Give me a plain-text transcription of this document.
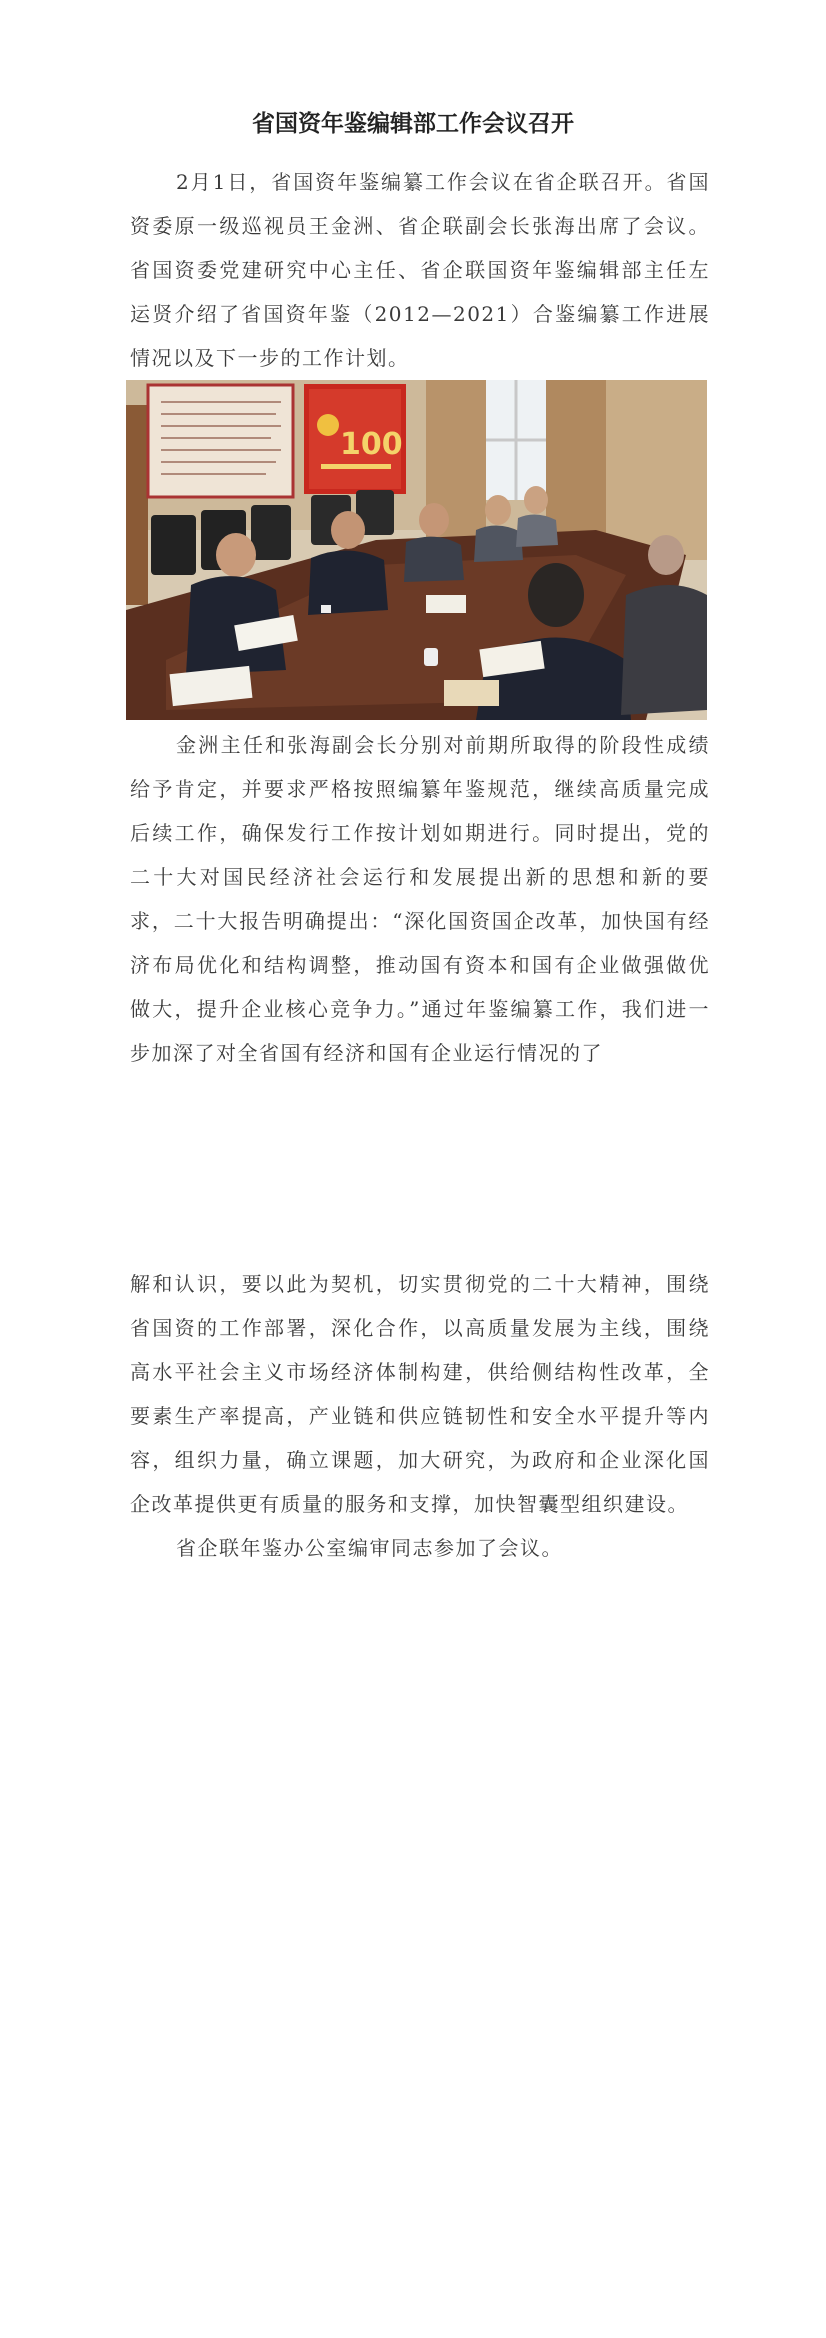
省国资年鉴编辑部工作会议召开

2月1日，省国资年鉴编纂工作会议在省企联召开。省国资委原一级巡视员王金洲、省企联副会长张海出席了会议。省国资委党建研究中心主任、省企联国资年鉴编辑部主任左运贤介绍了省国资年鉴（2012—2021）合鉴编纂工作进展情况以及下一步的工作计划。

100

金洲主任和张海副会长分别对前期所取得的阶段性成绩给予肯定，并要求严格按照编纂年鉴规范，继续高质量完成后续工作，确保发行工作按计划如期进行。同时提出，党的二十大对国民经济社会运行和发展提出新的思想和新的要求，二十大报告明确提出：“深化国资国企改革，加快国有经济布局优化和结构调整，推动国有资本和国有企业做强做优做大，提升企业核心竞争力。”通过年鉴编纂工作，我们进一步加深了对全省国有经济和国有企业运行情况的了

解和认识，要以此为契机，切实贯彻党的二十大精神，围绕省国资的工作部署，深化合作，以高质量发展为主线，围绕高水平社会主义市场经济体制构建，供给侧结构性改革，全要素生产率提高，产业链和供应链韧性和安全水平提升等内容，组织力量，确立课题，加大研究，为政府和企业深化国企改革提供更有质量的服务和支撑，加快智囊型组织建设。

省企联年鉴办公室编审同志参加了会议。
